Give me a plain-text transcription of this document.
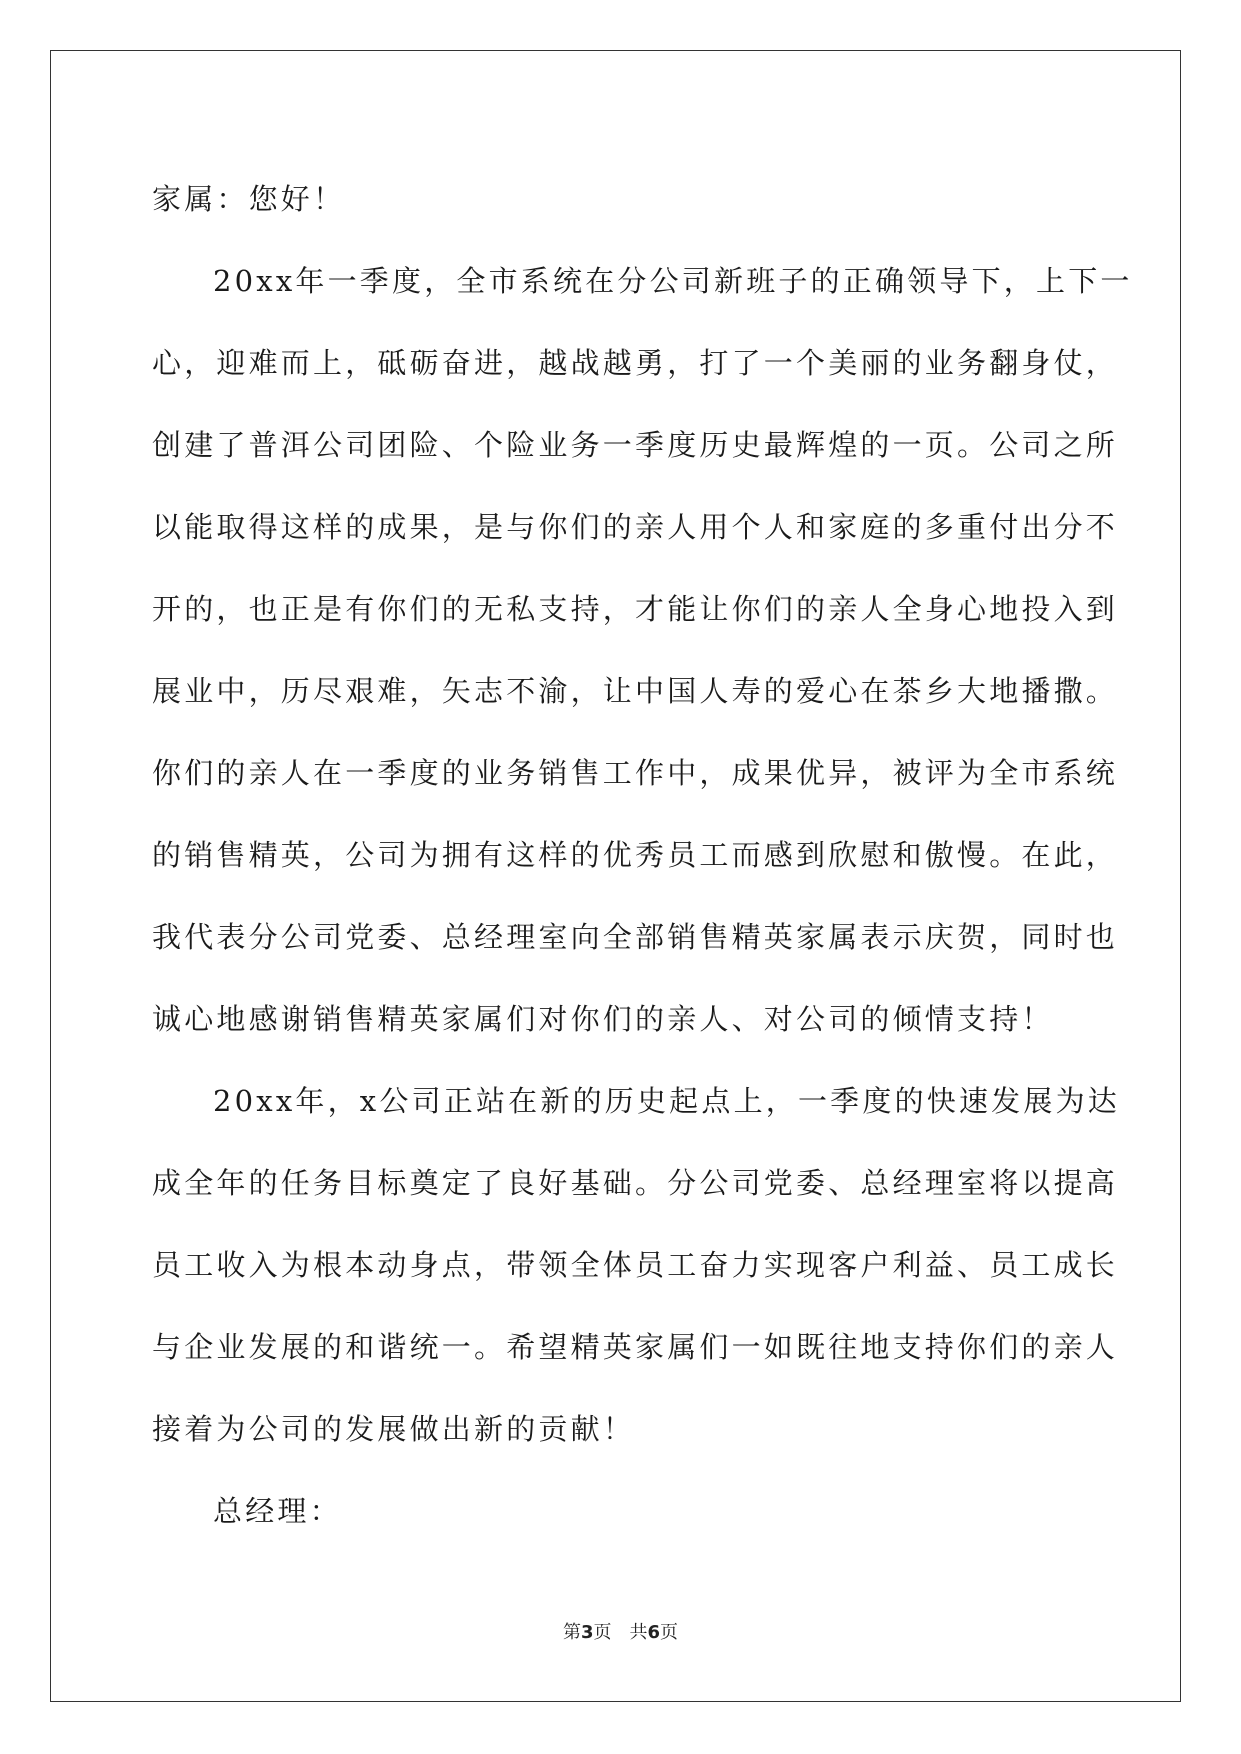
家属：您好！
20xx年一季度，全市系统在分公司新班子的正确领导下，上下一
心，迎难而上，砥砺奋进，越战越勇，打了一个美丽的业务翻身仗，
创建了普洱公司团险、个险业务一季度历史最辉煌的一页。公司之所
以能取得这样的成果，是与你们的亲人用个人和家庭的多重付出分不
开的，也正是有你们的无私支持，才能让你们的亲人全身心地投入到
展业中，历尽艰难，矢志不渝，让中国人寿的爱心在茶乡大地播撒。
你们的亲人在一季度的业务销售工作中，成果优异，被评为全市系统
的销售精英，公司为拥有这样的优秀员工而感到欣慰和傲慢。在此，
我代表分公司党委、总经理室向全部销售精英家属表示庆贺，同时也
诚心地感谢销售精英家属们对你们的亲人、对公司的倾情支持！
20xx年，x公司正站在新的历史起点上，一季度的快速发展为达
成全年的任务目标奠定了良好基础。分公司党委、总经理室将以提高
员工收入为根本动身点，带领全体员工奋力实现客户利益、员工成长
与企业发展的和谐统一。希望精英家属们一如既往地支持你们的亲人
接着为公司的发展做出新的贡献！
总经理：
第3页　共6页
